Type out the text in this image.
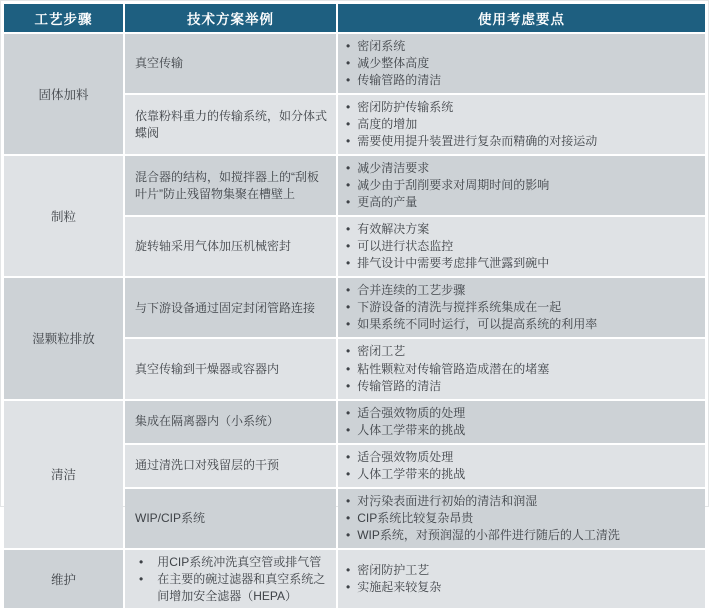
工艺步骤	技术方案举例	使用考虑要点
固体加料
真空传输
• 密闭系统
• 减少整体高度
• 传输管路的清洁
依靠粉料重力的传输系统，如分体式蝶阀
• 密闭防护传输系统
• 高度的增加
• 需要使用提升装置进行复杂而精确的对接运动
制粒
混合器的结构，如搅拌器上的“刮板叶片”防止残留物集聚在槽壁上
• 减少清洁要求
• 减少由于刮削要求对周期时间的影响
• 更高的产量
旋转轴采用气体加压机械密封
• 有效解决方案
• 可以进行状态监控
• 排气设计中需要考虑排气泄露到碗中
湿颗粒排放
与下游设备通过固定封闭管路连接
• 合并连续的工艺步骤
• 下游设备的清洗与搅拌系统集成在一起
• 如果系统不同时运行，可以提高系统的利用率
真空传输到干燥器或容器内
• 密闭工艺
• 粘性颗粒对传输管路造成潜在的堵塞
• 传输管路的清洁
清洁
集成在隔离器内（小系统）
• 适合强效物质的处理
• 人体工学带来的挑战
通过清洗口对残留层的干预
• 适合强效物质处理
• 人体工学带来的挑战
WIP/CIP系统
• 对污染表面进行初始的清洁和润湿
• CIP系统比较复杂昂贵
• WIP系统，对预润湿的小部件进行随后的人工清洗
维护
• 用CIP系统冲洗真空管或排气管
• 在主要的碗过滤器和真空系统之间增加安全滤器（HEPA）
• 密闭防护工艺
• 实施起来较复杂
